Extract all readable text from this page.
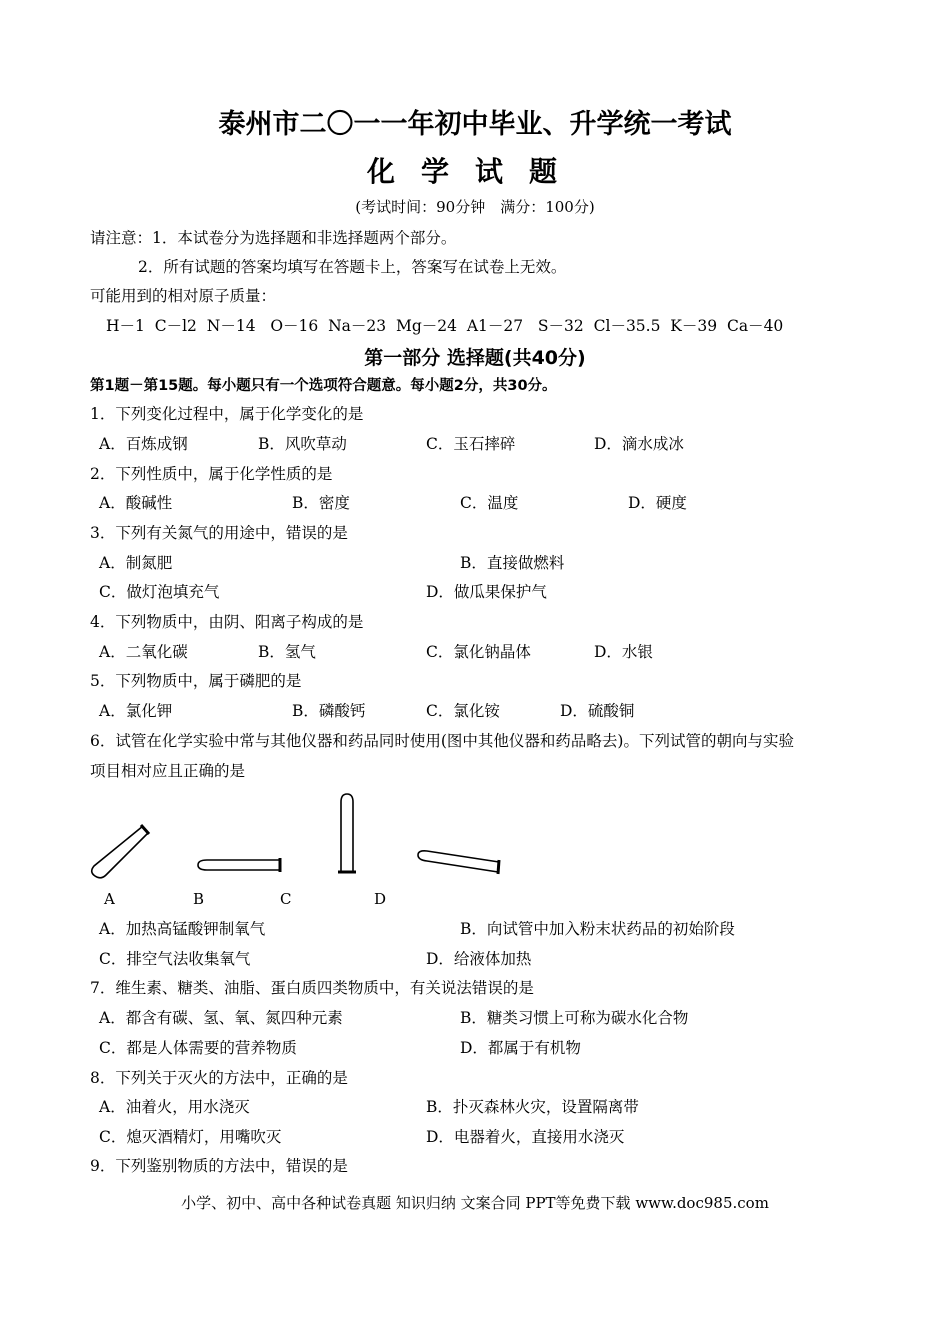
泰州市二〇一一年初中毕业、升学统一考试
化学试题
(考试时间：90分钟　满分：100分)
请注意：1．本试卷分为选择题和非选择题两个部分。
2．所有试题的答案均填写在答题卡上，答案写在试卷上无效。
可能用到的相对原子质量：
H－1  C－l2  N－14   O－16  Na－23  Mg－24  A1－27   S－32  Cl－35.5  K－39  Ca－40
第一部分 选择题(共40分)
第1题－第15题。每小题只有一个选项符合题意。每小题2分，共30分。
1．下列变化过程中，属于化学变化的是
A．百炼成钢	B．风吹草动	C．玉石摔碎	D．滴水成冰
2．下列性质中，属于化学性质的是
A．酸碱性	B．密度	C．温度	D．硬度
3．下列有关氮气的用途中，错误的是
A．制氮肥	B．直接做燃料
C．做灯泡填充气	D．做瓜果保护气
4．下列物质中，由阴、阳离子构成的是
A．二氧化碳	B．氢气	C．氯化钠晶体	D．水银
5．下列物质中，属于磷肥的是
A．氯化钾	B．磷酸钙	C．氯化铵	D．硫酸铜
6．试管在化学实验中常与其他仪器和药品同时使用(图中其他仪器和药品略去)。下列试管的朝向与实验
项目相对应且正确的是
A	B	C	D
A．加热高锰酸钾制氧气	B．向试管中加入粉末状药品的初始阶段
C．排空气法收集氧气	D．给液体加热
7．维生素、糖类、油脂、蛋白质四类物质中，有关说法错误的是
A．都含有碳、氢、氧、氮四种元素	B．糖类习惯上可称为碳水化合物
C．都是人体需要的营养物质	D．都属于有机物
8．下列关于灭火的方法中，正确的是
A．油着火，用水浇灭	B．扑灭森林火灾，设置隔离带
C．熄灭酒精灯，用嘴吹灭	D．电器着火，直接用水浇灭
9．下列鉴别物质的方法中，错误的是
小学、初中、高中各种试卷真题 知识归纳 文案合同 PPT等免费下载 www.doc985.com
